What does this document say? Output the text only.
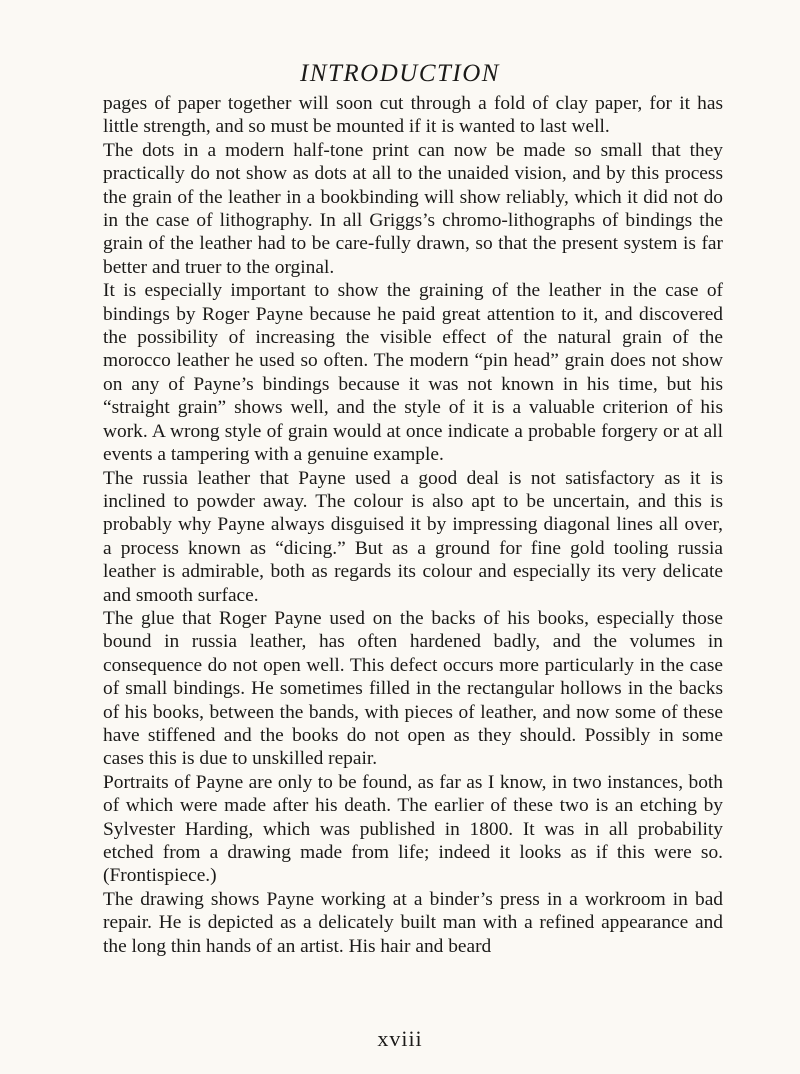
INTRODUCTION

pages of paper together will soon cut through a fold of clay paper, for it has little strength, and so must be mounted if it is wanted to last well.

The dots in a modern half-tone print can now be made so small that they practically do not show as dots at all to the unaided vision, and by this process the grain of the leather in a bookbinding will show reliably, which it did not do in the case of lithography. In all Griggs’s chromo-lithographs of bindings the grain of the leather had to be care-fully drawn, so that the present system is far better and truer to the orginal.

It is especially important to show the graining of the leather in the case of bindings by Roger Payne because he paid great attention to it, and discovered the possibility of increasing the visible effect of the natural grain of the morocco leather he used so often. The modern “pin head” grain does not show on any of Payne’s bindings because it was not known in his time, but his “straight grain” shows well, and the style of it is a valuable criterion of his work. A wrong style of grain would at once indicate a probable forgery or at all events a tampering with a genuine example.

The russia leather that Payne used a good deal is not satisfactory as it is inclined to powder away. The colour is also apt to be uncertain, and this is probably why Payne always disguised it by impressing diagonal lines all over, a process known as “dicing.” But as a ground for fine gold tooling russia leather is admirable, both as regards its colour and especially its very delicate and smooth surface.

The glue that Roger Payne used on the backs of his books, especially those bound in russia leather, has often hardened badly, and the volumes in consequence do not open well. This defect occurs more particularly in the case of small bindings. He sometimes filled in the rectangular hollows in the backs of his books, between the bands, with pieces of leather, and now some of these have stiffened and the books do not open as they should. Possibly in some cases this is due to unskilled repair.

Portraits of Payne are only to be found, as far as I know, in two instances, both of which were made after his death. The earlier of these two is an etching by Sylvester Harding, which was published in 1800. It was in all probability etched from a drawing made from life; indeed it looks as if this were so. (Frontispiece.)

The drawing shows Payne working at a binder’s press in a workroom in bad repair. He is depicted as a delicately built man with a refined appearance and the long thin hands of an artist. His hair and beard

xviii
